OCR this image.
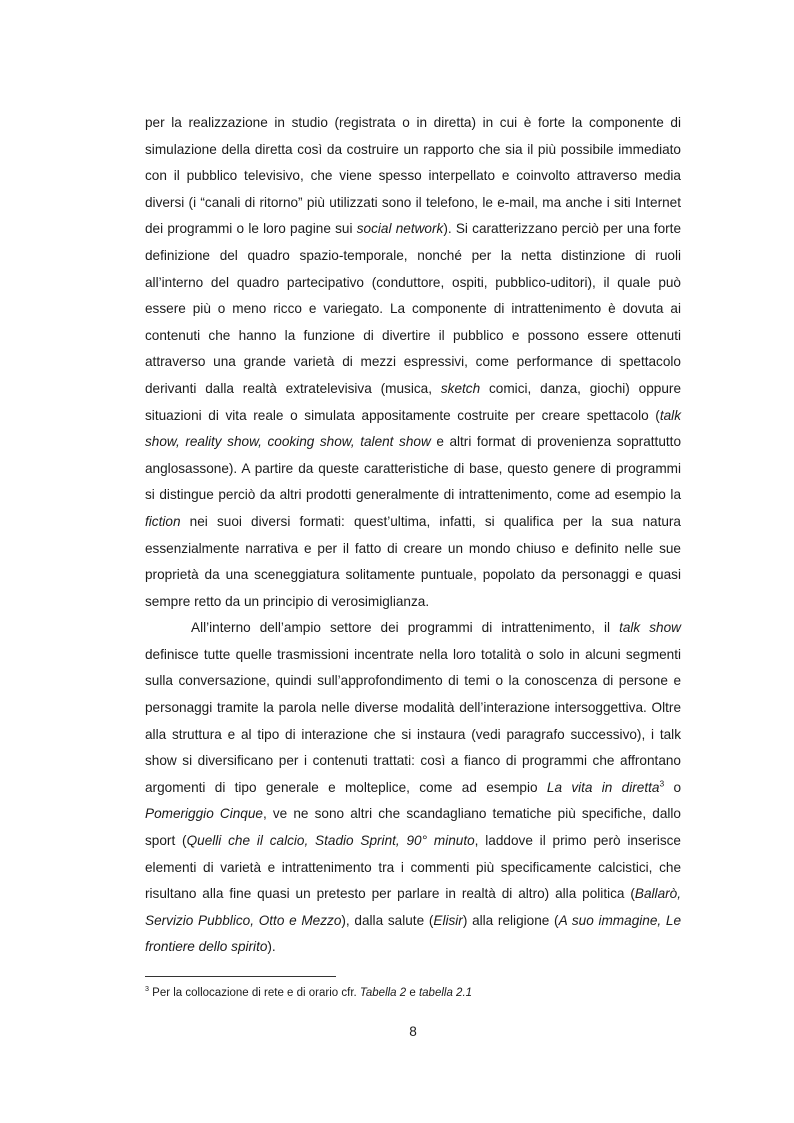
per la realizzazione in studio (registrata o in diretta) in cui è forte la componente di simulazione della diretta così da costruire un rapporto che sia il più possibile immediato con il pubblico televisivo, che viene spesso interpellato e coinvolto attraverso media diversi (i “canali di ritorno” più utilizzati sono il telefono, le e-mail, ma anche i siti Internet dei programmi o le loro pagine sui social network). Si caratterizzano perciò per una forte definizione del quadro spazio-temporale, nonché per la netta distinzione di ruoli all’interno del quadro partecipativo (conduttore, ospiti, pubblico-uditori), il quale può essere più o meno ricco e variegato. La componente di intrattenimento è dovuta ai contenuti che hanno la funzione di divertire il pubblico e possono essere ottenuti attraverso una grande varietà di mezzi espressivi, come performance di spettacolo derivanti dalla realtà extratelevisiva (musica, sketch comici, danza, giochi) oppure situazioni di vita reale o simulata appositamente costruite per creare spettacolo (talk show, reality show, cooking show, talent show e altri format di provenienza soprattutto anglosassone). A partire da queste caratteristiche di base, questo genere di programmi si distingue perciò da altri prodotti generalmente di intrattenimento, come ad esempio la fiction nei suoi diversi formati: quest’ultima, infatti, si qualifica per la sua natura essenzialmente narrativa e per il fatto di creare un mondo chiuso e definito nelle sue proprietà da una sceneggiatura solitamente puntuale, popolato da personaggi e quasi sempre retto da un principio di verosimiglianza.

All’interno dell’ampio settore dei programmi di intrattenimento, il talk show definisce tutte quelle trasmissioni incentrate nella loro totalità o solo in alcuni segmenti sulla conversazione, quindi sull’approfondimento di temi o la conoscenza di persone e personaggi tramite la parola nelle diverse modalità dell’interazione intersoggettiva. Oltre alla struttura e al tipo di interazione che si instaura (vedi paragrafo successivo), i talk show si diversificano per i contenuti trattati: così a fianco di programmi che affrontano argomenti di tipo generale e molteplice, come ad esempio La vita in diretta$^3$ o Pomeriggio Cinque, ve ne sono altri che scandagliano tematiche più specifiche, dallo sport (Quelli che il calcio, Stadio Sprint, 90° minuto, laddove il primo però inserisce elementi di varietà e intrattenimento tra i commenti più specificamente calcistici, che risultano alla fine quasi un pretesto per parlare in realtà di altro) alla politica (Ballarò, Servizio Pubblico, Otto e Mezzo), dalla salute (Elisir) alla religione (A suo immagine, Le frontiere dello spirito).

$^3$ Per la collocazione di rete e di orario cfr. Tabella 2 e tabella 2.1
8
